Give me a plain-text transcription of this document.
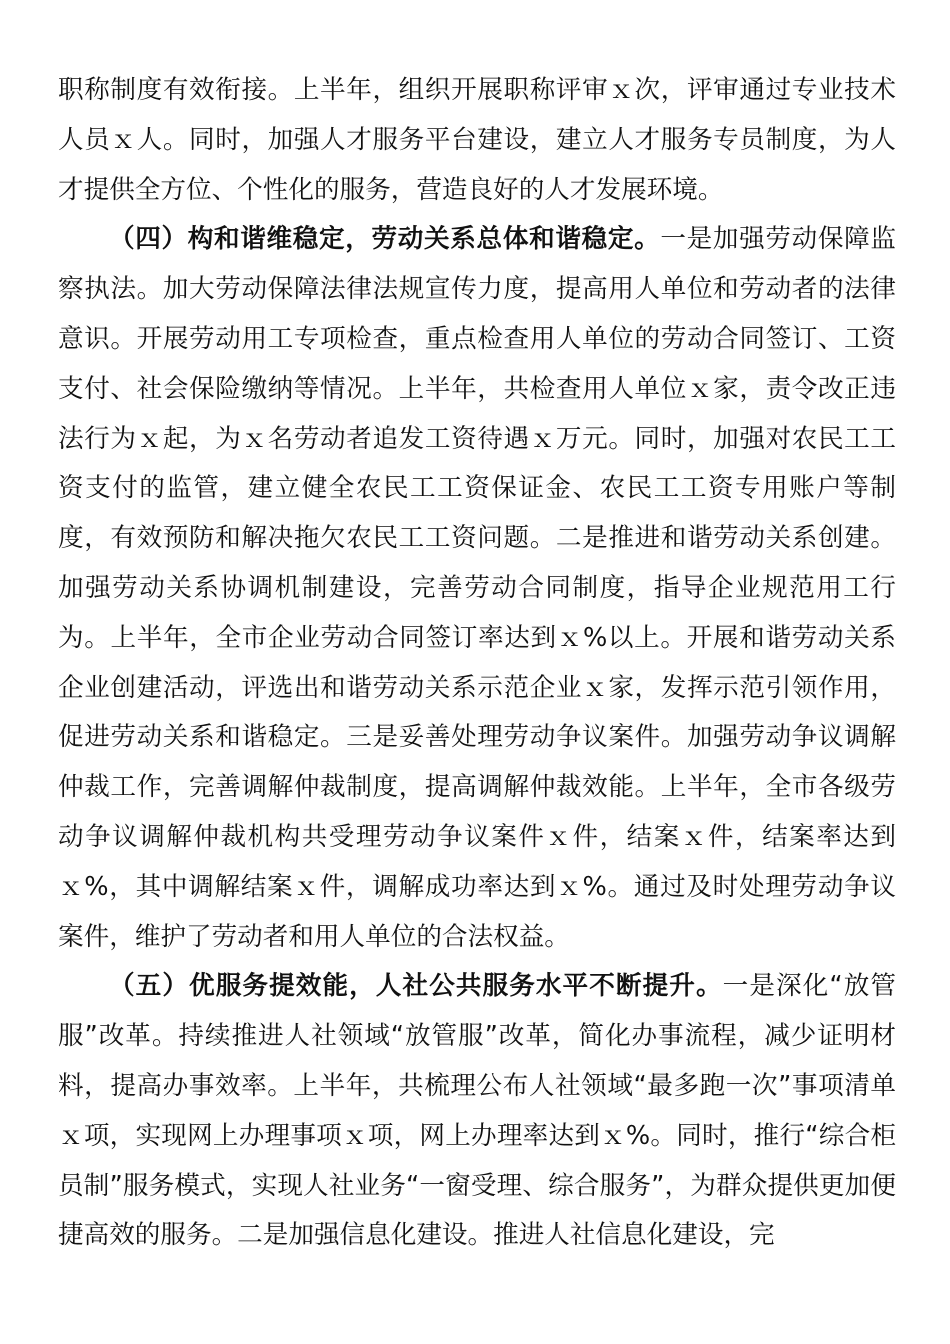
职称制度有效衔接。上半年，组织开展职称评审ｘ次，评审通过专业技术人员ｘ人。同时，加强人才服务平台建设，建立人才服务专员制度，为人才提供全方位、个性化的服务，营造良好的人才发展环境。

（四）构和谐维稳定，劳动关系总体和谐稳定。一是加强劳动保障监察执法。加大劳动保障法律法规宣传力度，提高用人单位和劳动者的法律意识。开展劳动用工专项检查，重点检查用人单位的劳动合同签订、工资支付、社会保险缴纳等情况。上半年，共检查用人单位ｘ家，责令改正违法行为ｘ起，为ｘ名劳动者追发工资待遇ｘ万元。同时，加强对农民工工资支付的监管，建立健全农民工工资保证金、农民工工资专用账户等制度，有效预防和解决拖欠农民工工资问题。二是推进和谐劳动关系创建。加强劳动关系协调机制建设，完善劳动合同制度，指导企业规范用工行为。上半年，全市企业劳动合同签订率达到ｘ%以上。开展和谐劳动关系企业创建活动，评选出和谐劳动关系示范企业ｘ家，发挥示范引领作用，促进劳动关系和谐稳定。三是妥善处理劳动争议案件。加强劳动争议调解仲裁工作，完善调解仲裁制度，提高调解仲裁效能。上半年，全市各级劳动争议调解仲裁机构共受理劳动争议案件ｘ件，结案ｘ件，结案率达到ｘ%，其中调解结案ｘ件，调解成功率达到ｘ%。通过及时处理劳动争议案件，维护了劳动者和用人单位的合法权益。

（五）优服务提效能，人社公共服务水平不断提升。一是深化“放管服”改革。持续推进人社领域“放管服”改革，简化办事流程，减少证明材料，提高办事效率。上半年，共梳理公布人社领域“最多跑一次”事项清单ｘ项，实现网上办理事项ｘ项，网上办理率达到ｘ%。同时，推行“综合柜员制”服务模式，实现人社业务“一窗受理、综合服务”，为群众提供更加便捷高效的服务。二是加强信息化建设。推进人社信息化建设，完
